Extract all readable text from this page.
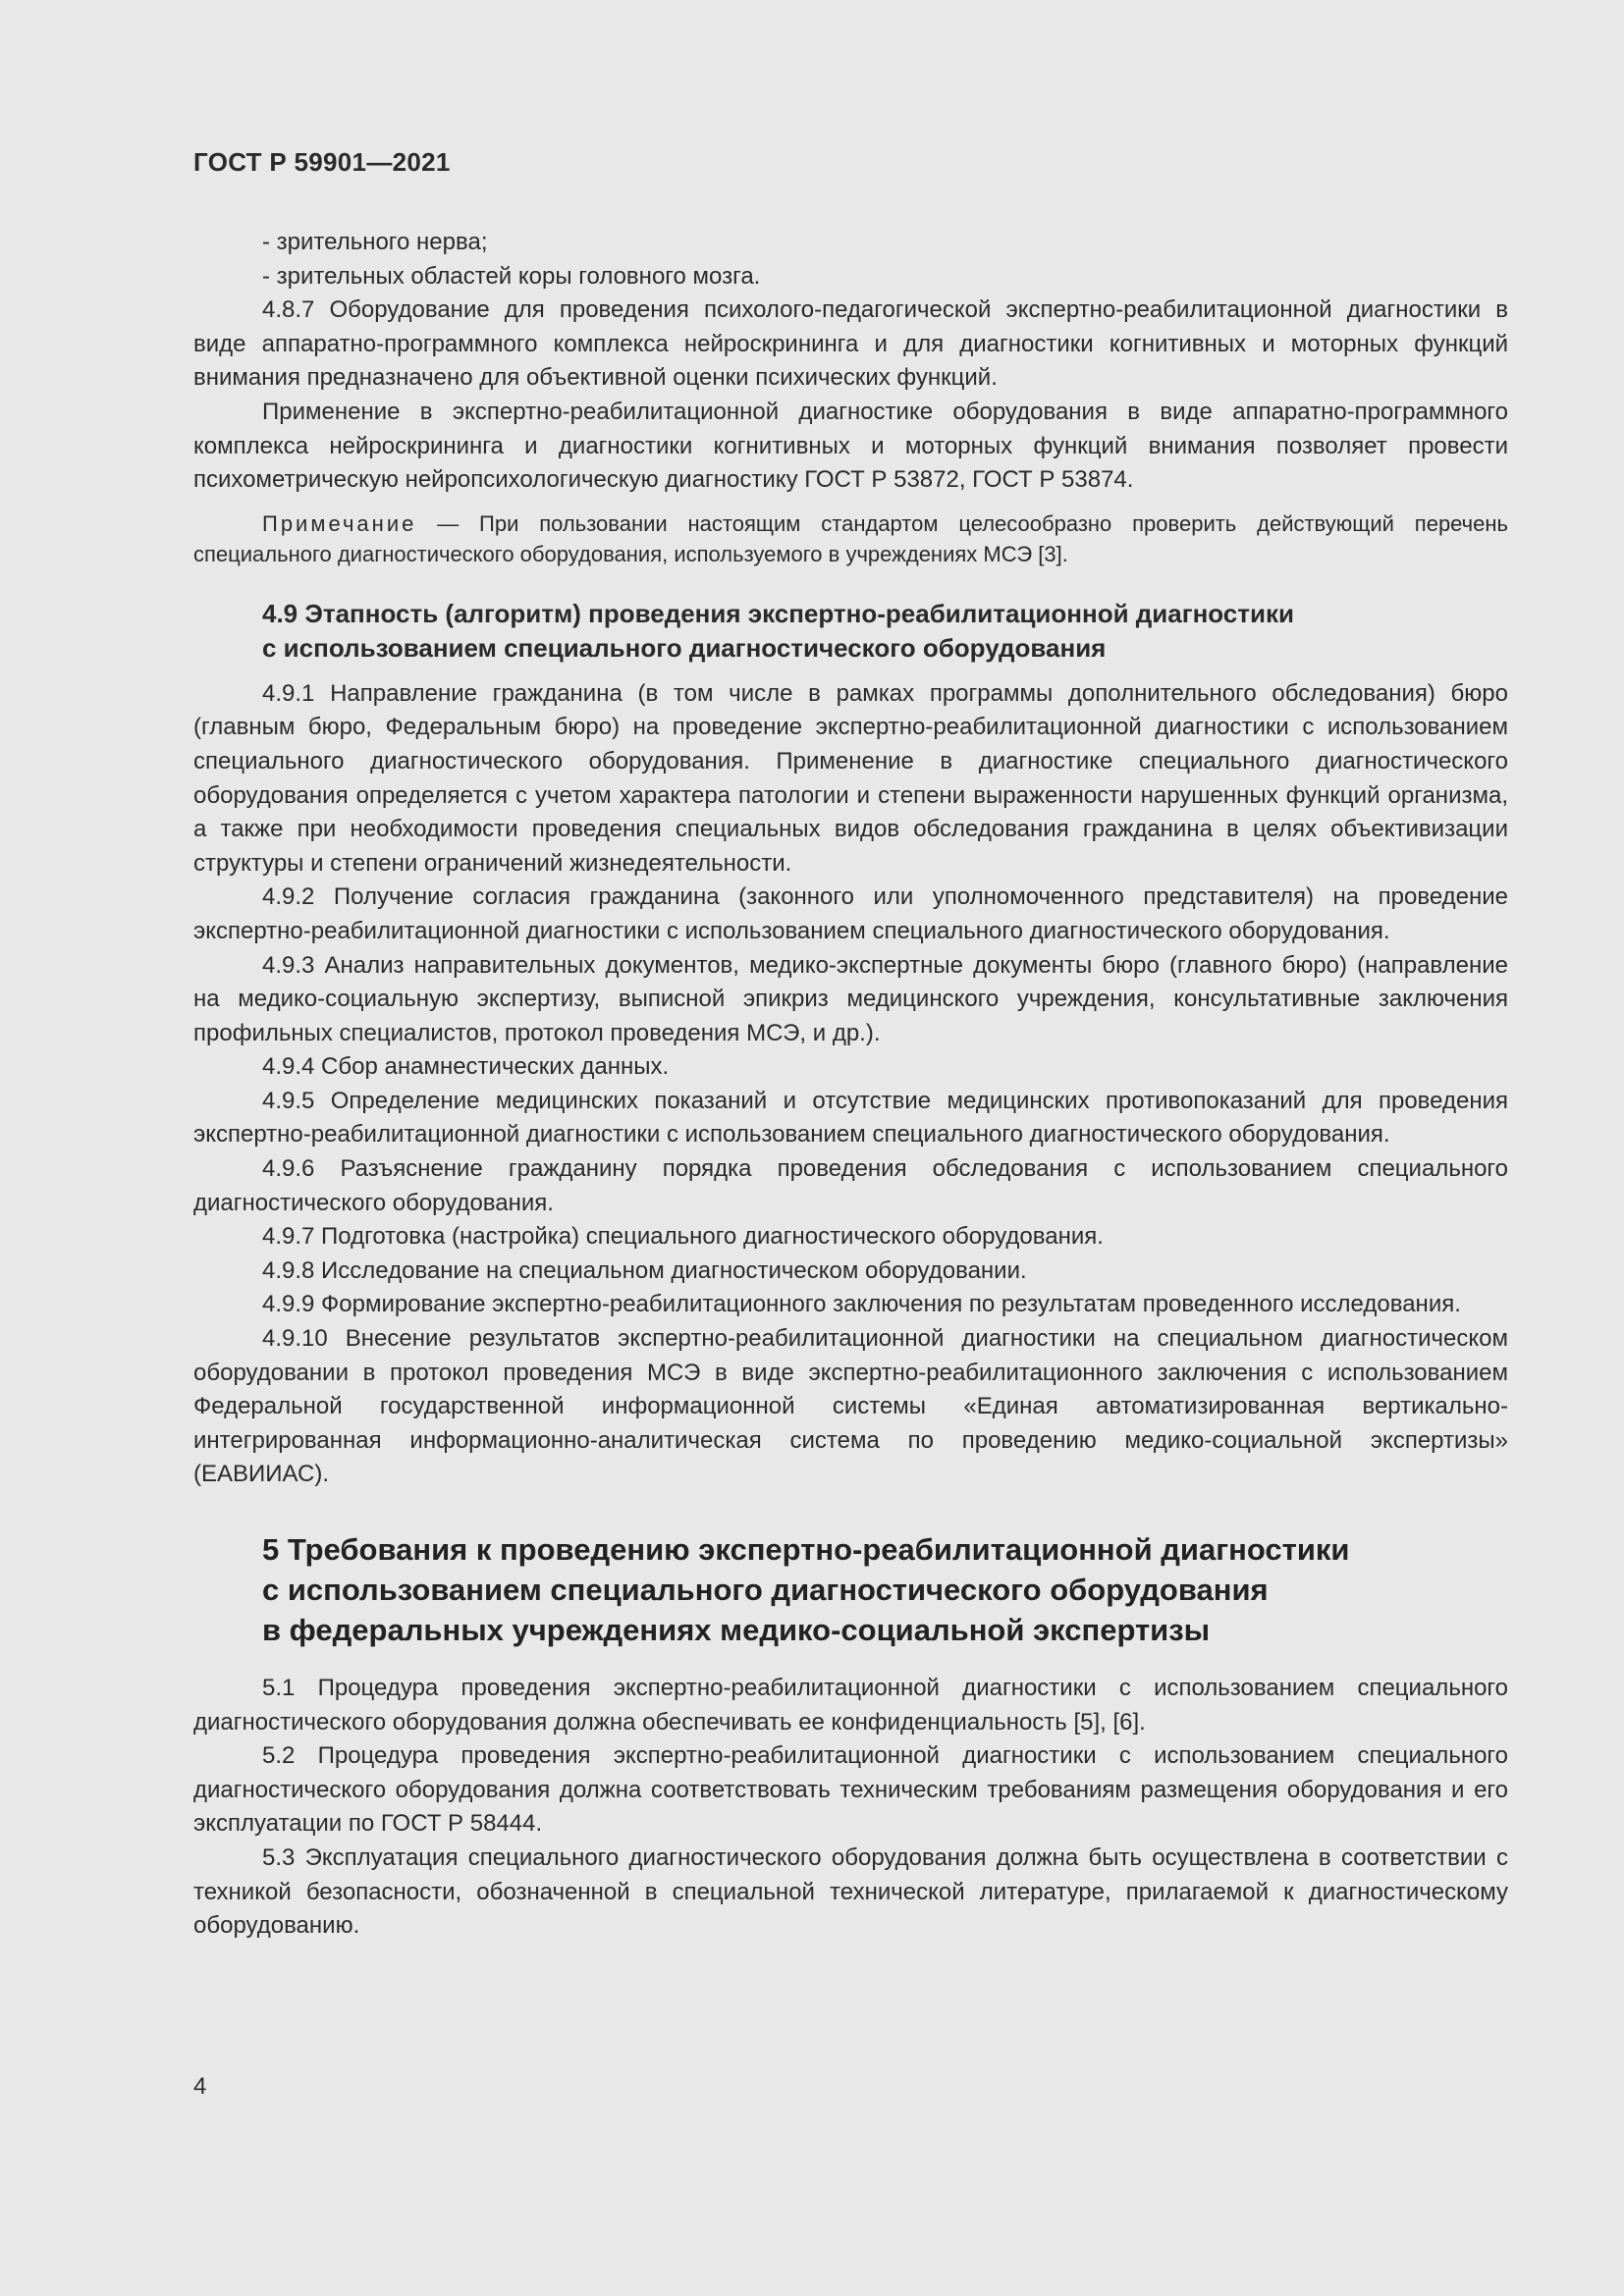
ГОСТ Р 59901—2021

- зрительного нерва;

- зрительных областей коры головного мозга.

4.8.7 Оборудование для проведения психолого-педагогической экспертно-реабилитационной диагностики в виде аппаратно-программного комплекса нейроскрининга и для диагностики когнитивных и моторных функций внимания предназначено для объективной оценки психических функций.

Применение в экспертно-реабилитационной диагностике оборудования в виде аппаратно-программного комплекса нейроскрининга и диагностики когнитивных и моторных функций внимания позволяет провести психометрическую нейропсихологическую диагностику ГОСТ Р 53872, ГОСТ Р 53874.

Примечание — При пользовании настоящим стандартом целесообразно проверить действующий перечень специального диагностического оборудования, используемого в учреждениях МСЭ [3].

4.9 Этапность (алгоритм) проведения экспертно-реабилитационной диагностики
с использованием специального диагностического оборудования

4.9.1 Направление гражданина (в том числе в рамках программы дополнительного обследования) бюро (главным бюро, Федеральным бюро) на проведение экспертно-реабилитационной диагностики с использованием специального диагностического оборудования. Применение в диагностике специального диагностического оборудования определяется с учетом характера патологии и степени выраженности нарушенных функций организма, а также при необходимости проведения специальных видов обследования гражданина в целях объективизации структуры и степени ограничений жизнедеятельности.

4.9.2 Получение согласия гражданина (законного или уполномоченного представителя) на проведение экспертно-реабилитационной диагностики с использованием специального диагностического оборудования.

4.9.3 Анализ направительных документов, медико-экспертные документы бюро (главного бюро) (направление на медико-социальную экспертизу, выписной эпикриз медицинского учреждения, консультативные заключения профильных специалистов, протокол проведения МСЭ, и др.).

4.9.4 Сбор анамнестических данных.

4.9.5 Определение медицинских показаний и отсутствие медицинских противопоказаний для проведения экспертно-реабилитационной диагностики с использованием специального диагностического оборудования.

4.9.6 Разъяснение гражданину порядка проведения обследования с использованием специального диагностического оборудования.

4.9.7 Подготовка (настройка) специального диагностического оборудования.

4.9.8 Исследование на специальном диагностическом оборудовании.

4.9.9 Формирование экспертно-реабилитационного заключения по результатам проведенного исследования.

4.9.10 Внесение результатов экспертно-реабилитационной диагностики на специальном диагностическом оборудовании в протокол проведения МСЭ в виде экспертно-реабилитационного заключения с использованием Федеральной государственной информационной системы «Единая автоматизированная вертикально-интегрированная информационно-аналитическая система по проведению медико-социальной экспертизы» (ЕАВИИАС).

5 Требования к проведению экспертно-реабилитационной диагностики
с использованием специального диагностического оборудования
в федеральных учреждениях медико-социальной экспертизы

5.1 Процедура проведения экспертно-реабилитационной диагностики с использованием специального диагностического оборудования должна обеспечивать ее конфиденциальность [5], [6].

5.2 Процедура проведения экспертно-реабилитационной диагностики с использованием специального диагностического оборудования должна соответствовать техническим требованиям размещения оборудования и его эксплуатации по ГОСТ Р 58444.

5.3 Эксплуатация специального диагностического оборудования должна быть осуществлена в соответствии с техникой безопасности, обозначенной в специальной технической литературе, прилагаемой к диагностическому оборудованию.

4
